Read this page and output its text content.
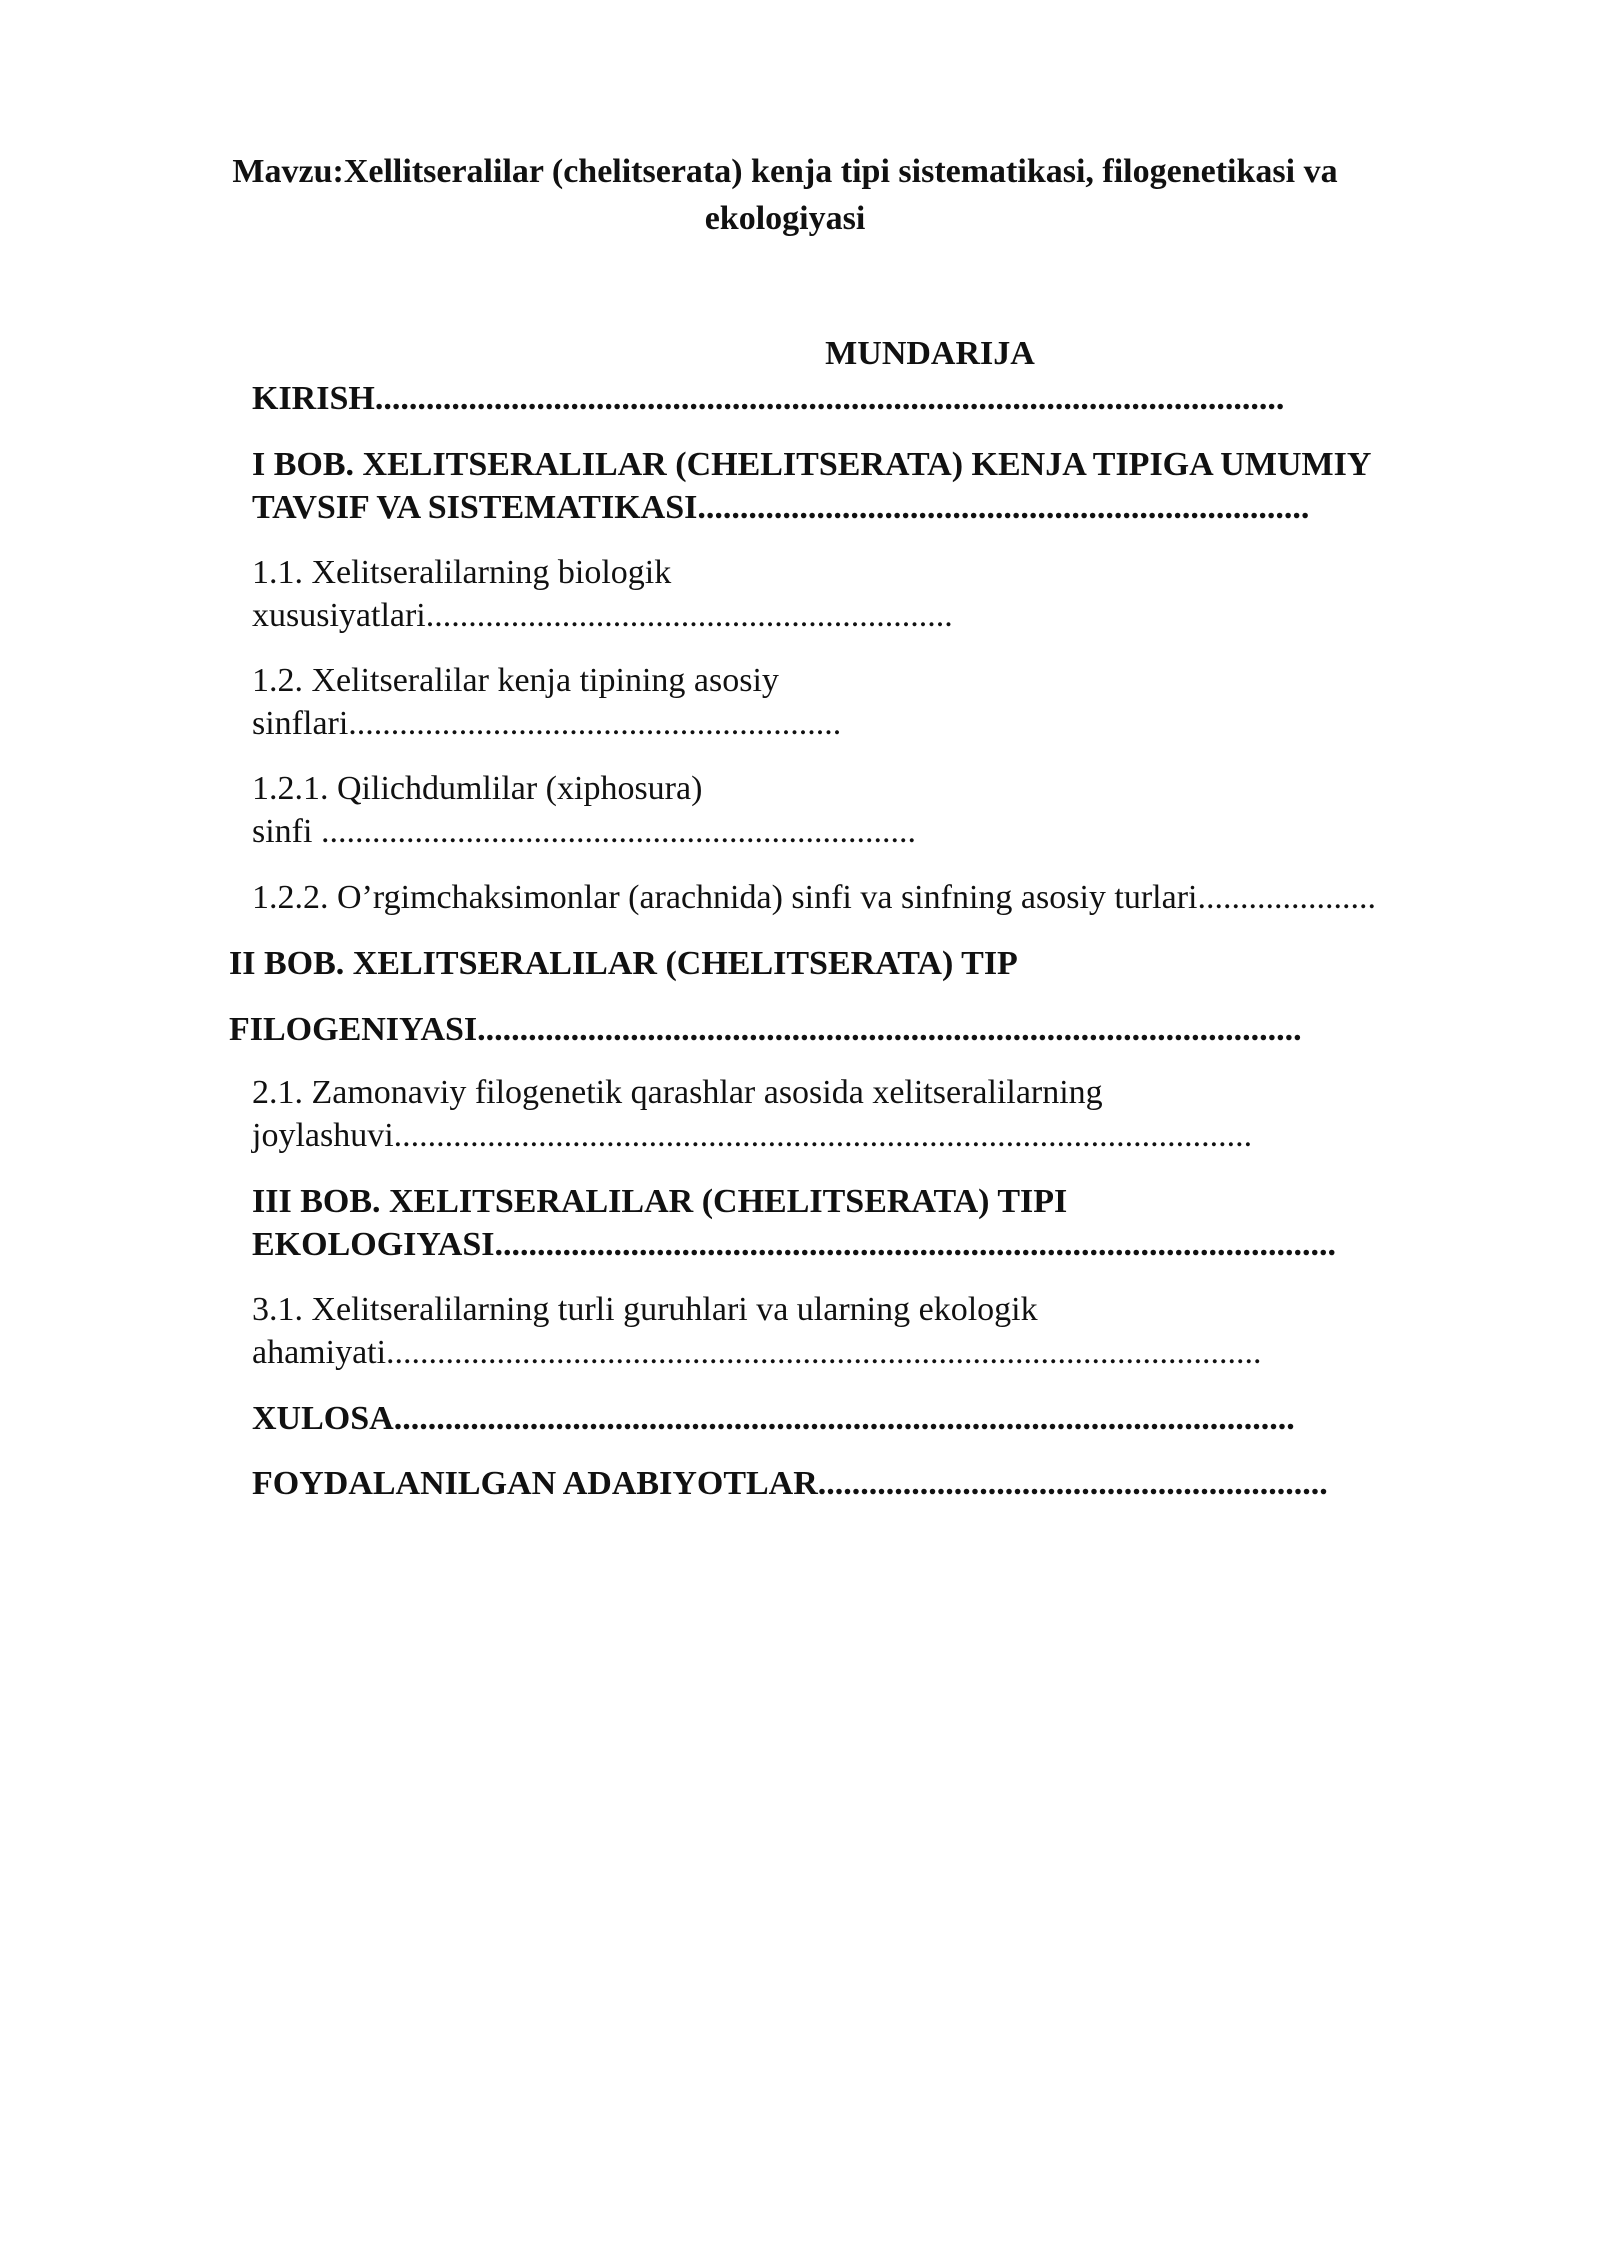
Mavzu:Xellitseralilar (chelitserata) kenja tipi sistematikasi, filogenetikasi va
ekologiyasi
MUNDARIJA

KIRISH...........................................................................................................

I BOB. XELITSERALILAR (CHELITSERATA) KENJA TIPIGA UMUMIY
TAVSIF VA SISTEMATIKASI........................................................................

1.1. Xelitseralilarning biologik
xususiyatlari..............................................................

1.2. Xelitseralilar kenja tipining asosiy
sinflari..........................................................

1.2.1. Qilichdumlilar (xiphosura)
sinfi ......................................................................

1.2.2. O’rgimchaksimonlar (arachnida) sinfi va sinfning asosiy turlari.....................

II BOB. XELITSERALILAR (CHELITSERATA) TIP

FILOGENIYASI.................................................................................................

2.1. Zamonaviy filogenetik qarashlar asosida xelitseralilarning
joylashuvi.....................................................................................................

III BOB. XELITSERALILAR (CHELITSERATA) TIPI
EKOLOGIYASI...................................................................................................

3.1. Xelitseralilarning turli guruhlari va ularning ekologik
ahamiyati.......................................................................................................

XULOSA..........................................................................................................

FOYDALANILGAN ADABIYOTLAR............................................................
